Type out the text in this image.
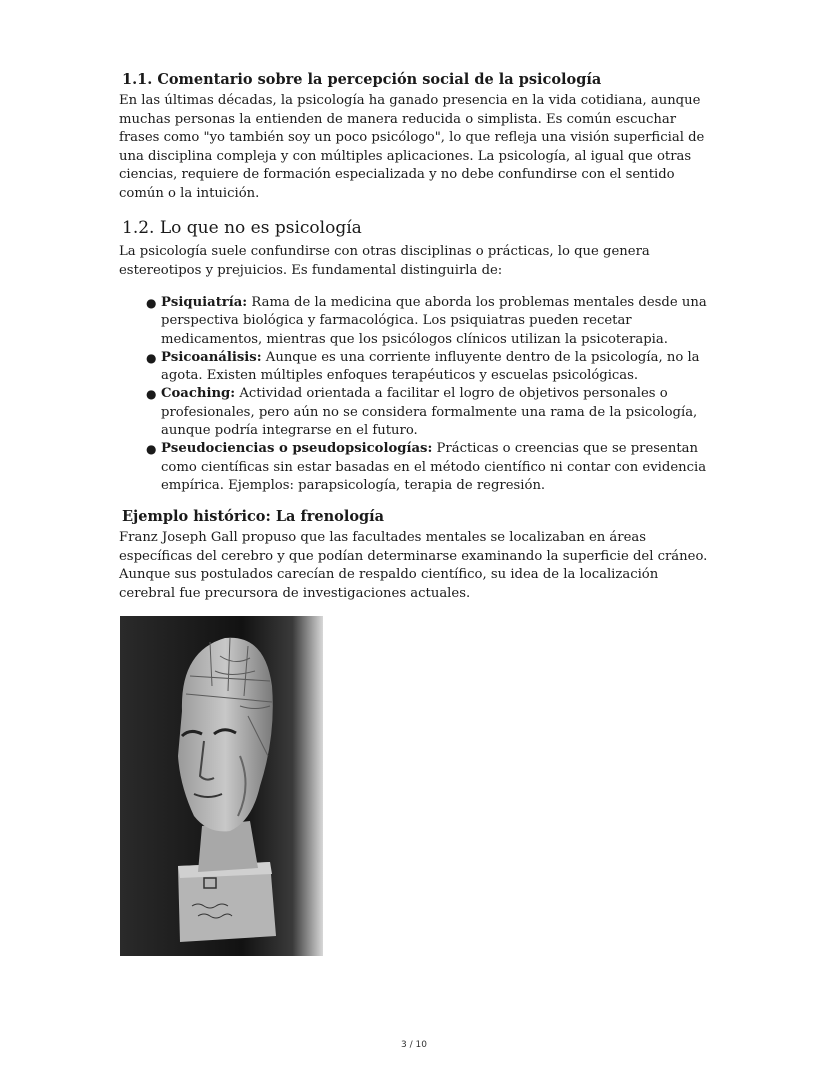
1.1. Comentario sobre la percepción social de la psicología

En las últimas décadas, la psicología ha ganado presencia en la vida cotidiana, aunque muchas personas la entienden de manera reducida o simplista. Es común escuchar frases como "yo también soy un poco psicólogo", lo que refleja una visión superficial de una disciplina compleja y con múltiples aplicaciones. La psicología, al igual que otras ciencias, requiere de formación especializada y no debe confundirse con el sentido común o la intuición.

1.2. Lo que no es psicología

La psicología suele confundirse con otras disciplinas o prácticas, lo que genera estereotipos y prejuicios. Es fundamental distinguirla de:

● Psiquiatría: Rama de la medicina que aborda los problemas mentales desde una perspectiva biológica y farmacológica. Los psiquiatras pueden recetar medicamentos, mientras que los psicólogos clínicos utilizan la psicoterapia.
● Psicoanálisis: Aunque es una corriente influyente dentro de la psicología, no la agota. Existen múltiples enfoques terapéuticos y escuelas psicológicas.
● Coaching: Actividad orientada a facilitar el logro de objetivos personales o profesionales, pero aún no se considera formalmente una rama de la psicología, aunque podría integrarse en el futuro.
● Pseudociencias o pseudopsicologías: Prácticas o creencias que se presentan como científicas sin estar basadas en el método científico ni contar con evidencia empírica. Ejemplos: parapsicología, terapia de regresión.
Ejemplo histórico: La frenología

Franz Joseph Gall propuso que las facultades mentales se localizaban en áreas específicas del cerebro y que podían determinarse examinando la superficie del cráneo. Aunque sus postulados carecían de respaldo científico, su idea de la localización cerebral fue precursora de investigaciones actuales.

3 / 10
